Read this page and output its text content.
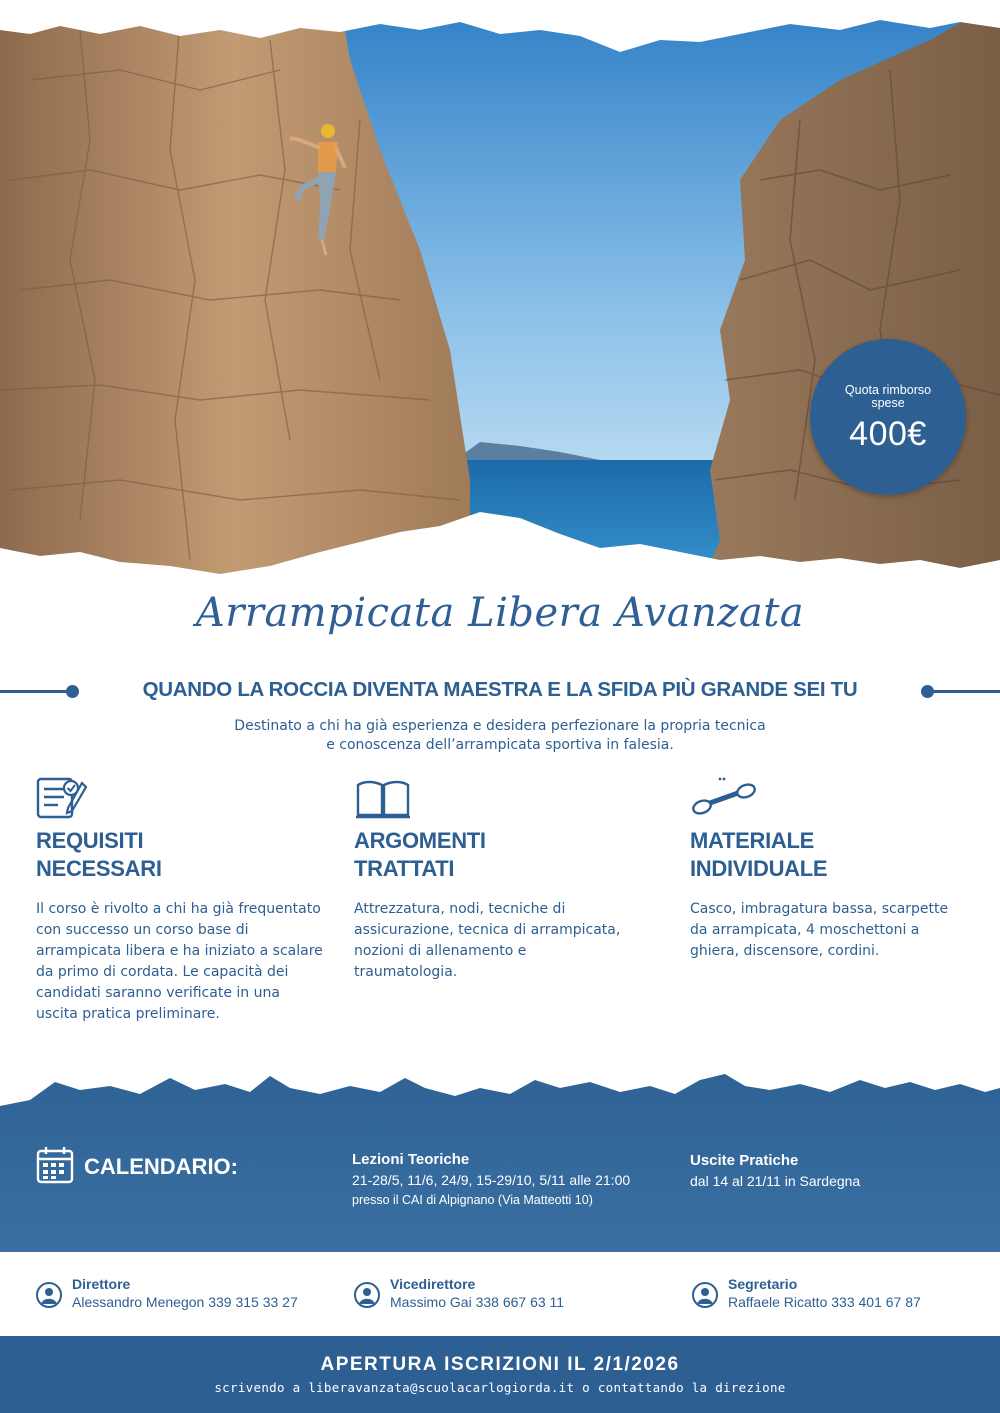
Quota rimborso spese
400€
Arrampicata Libera Avanzata
QUANDO LA ROCCIA DIVENTA MAESTRA E LA SFIDA PIÙ GRANDE SEI TU
Destinato a chi ha già esperienza e desidera perfezionare la propria tecnica
e conoscenza dell’arrampicata sportiva in falesia.
REQUISITI
NECESSARI

Il corso è rivolto a chi ha già frequentato con successo un corso base di arrampicata libera e ha iniziato a scalare da primo di cordata. Le capacità dei candidati saranno verificate in una uscita pratica preliminare.

ARGOMENTI
TRATTATI

Attrezzatura, nodi, tecniche di assicurazione, tecnica di arrampicata, nozioni di allenamento e traumatologia.

MATERIALE
INDIVIDUALE

Casco, imbragatura bassa, scarpette da arrampicata, 4 moschettoni a ghiera, discensore, cordini.

CALENDARIO:	Lezioni Teoriche
21-28/5, 11/6, 24/9, 15-29/10, 5/11 alle 21:00
presso il CAI di Alpignano (Via Matteotti 10)
Uscite Pratiche
dal 14 al 21/11 in Sardegna
Direttore
Alessandro Menegon 339 315 33 27
Vicedirettore
Massimo Gai 338 667 63 11
Segretario
Raffaele Ricatto 333 401 67 87
APERTURA ISCRIZIONI IL 2/1/2026
scrivendo a liberavanzata@scuolacarlogiorda.it o contattando la direzione
